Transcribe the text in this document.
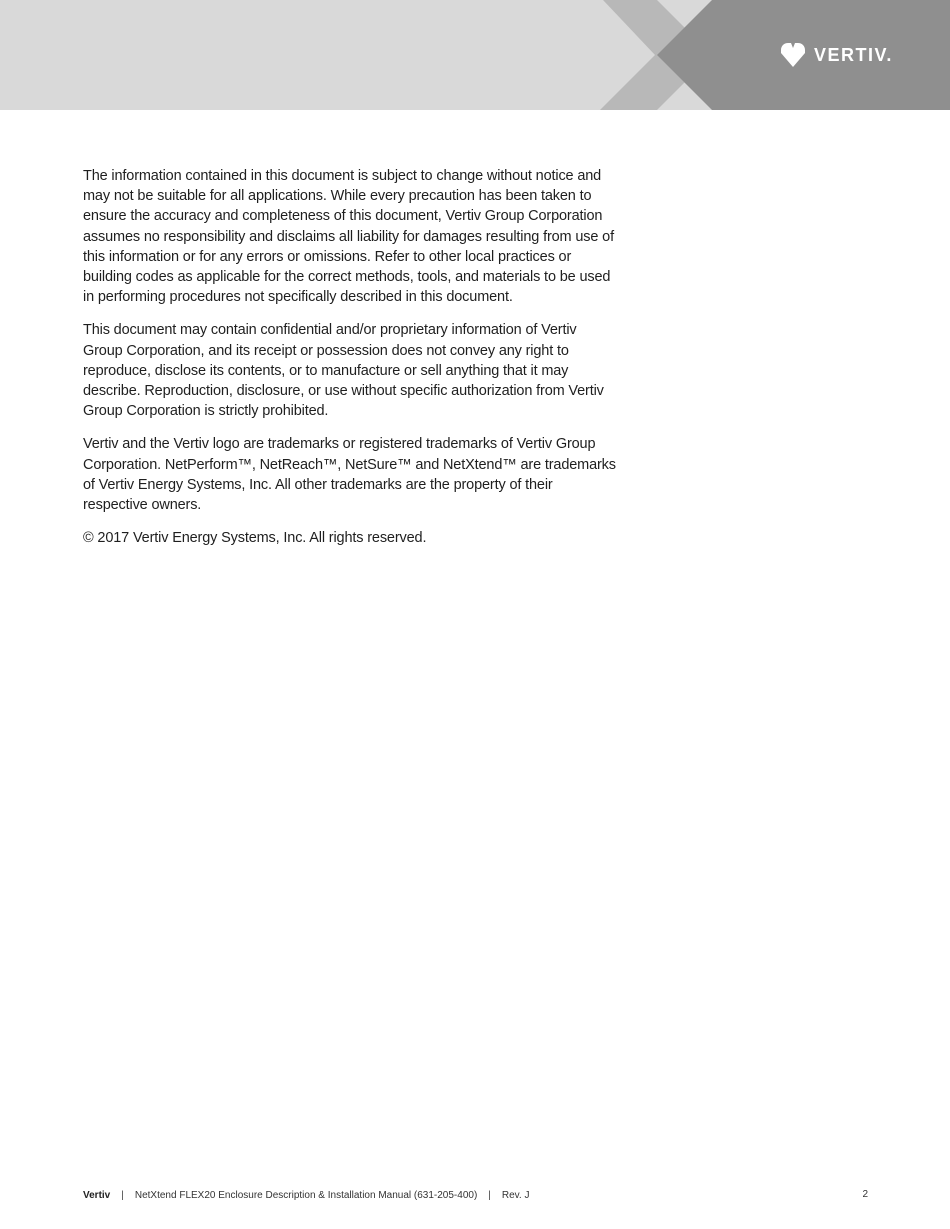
VERTIV.

The information contained in this document is subject to change without notice and may not be suitable for all applications. While every precaution has been taken to ensure the accuracy and completeness of this document, Vertiv Group Corporation assumes no responsibility and disclaims all liability for damages resulting from use of this information or for any errors or omissions. Refer to other local practices or building codes as applicable for the correct methods, tools, and materials to be used in performing procedures not specifically described in this document.

This document may contain confidential and/or proprietary information of Vertiv Group Corporation, and its receipt or possession does not convey any right to reproduce, disclose its contents, or to manufacture or sell anything that it may describe. Reproduction, disclosure, or use without specific authorization from Vertiv Group Corporation is strictly prohibited.

Vertiv and the Vertiv logo are trademarks or registered trademarks of Vertiv Group Corporation. NetPerform™, NetReach™, NetSure™ and NetXtend™ are trademarks of Vertiv Energy Systems, Inc. All other trademarks are the property of their respective owners.

© 2017 Vertiv Energy Systems, Inc. All rights reserved.

Vertiv | NetXtend FLEX20 Enclosure Description & Installation Manual (631-205-400) | Rev. J	2
